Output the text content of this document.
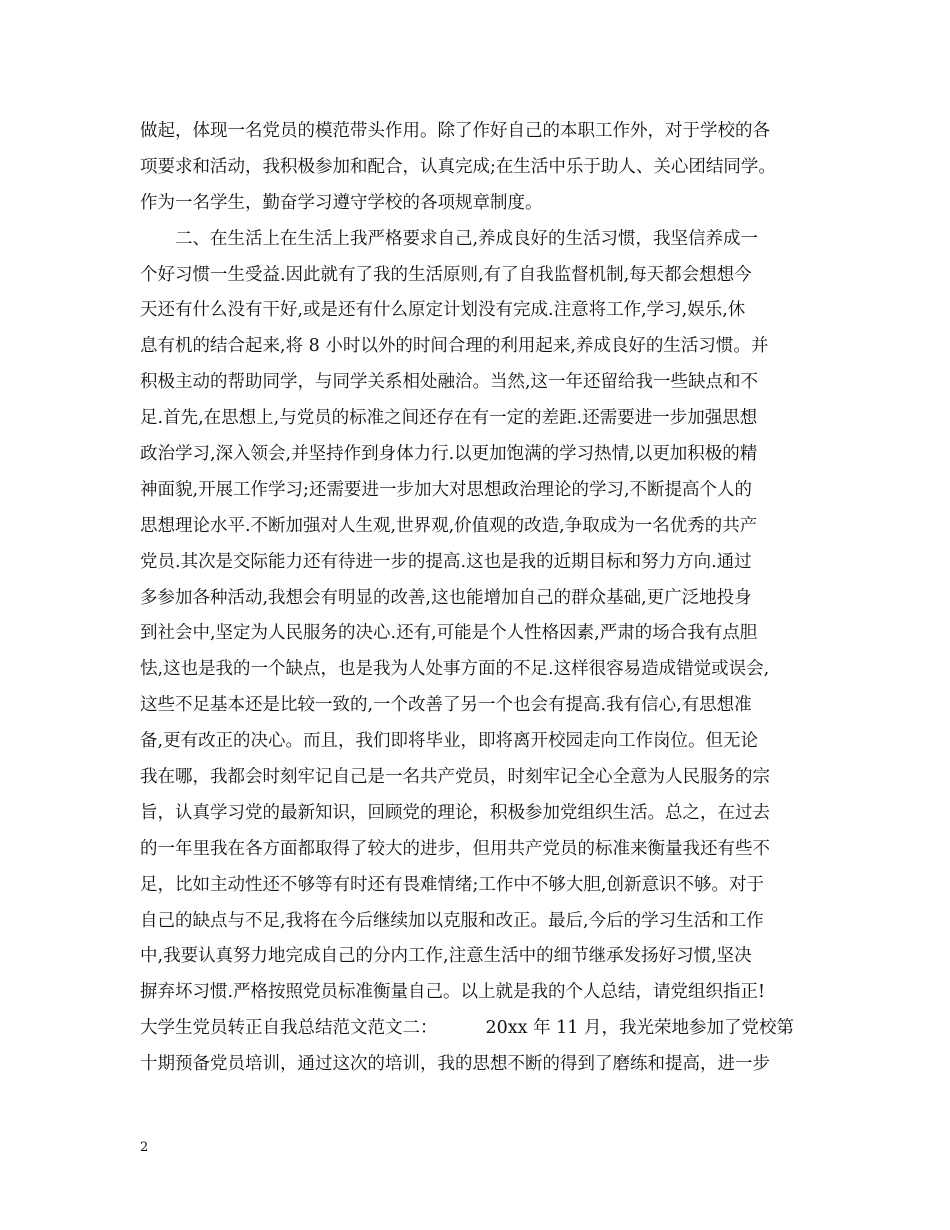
做起，体现一名党员的模范带头作用。除了作好自己的本职工作外，对于学校的各
项要求和活动，我积极参加和配合，认真完成;在生活中乐于助人、关心团结同学。
作为一名学生，勤奋学习遵守学校的各项规章制度。
　　二、在生活上在生活上我严格要求自己,养成良好的生活习惯，我坚信养成一
个好习惯一生受益.因此就有了我的生活原则,有了自我监督机制,每天都会想想今
天还有什么没有干好,或是还有什么原定计划没有完成.注意将工作,学习,娱乐,休
息有机的结合起来,将 8 小时以外的时间合理的利用起来,养成良好的生活习惯。并
积极主动的帮助同学，与同学关系相处融洽。当然,这一年还留给我一些缺点和不
足.首先,在思想上,与党员的标准之间还存在有一定的差距.还需要进一步加强思想
政治学习,深入领会,并坚持作到身体力行.以更加饱满的学习热情,以更加积极的精
神面貌,开展工作学习;还需要进一步加大对思想政治理论的学习,不断提高个人的
思想理论水平.不断加强对人生观,世界观,价值观的改造,争取成为一名优秀的共产
党员.其次是交际能力还有待进一步的提高.这也是我的近期目标和努力方向.通过
多参加各种活动,我想会有明显的改善,这也能增加自己的群众基础,更广泛地投身
到社会中,坚定为人民服务的决心.还有,可能是个人性格因素,严肃的场合我有点胆
怯,这也是我的一个缺点，也是我为人处事方面的不足.这样很容易造成错觉或误会,
这些不足基本还是比较一致的,一个改善了另一个也会有提高.我有信心,有思想准
备,更有改正的决心。而且，我们即将毕业，即将离开校园走向工作岗位。但无论
我在哪，我都会时刻牢记自己是一名共产党员，时刻牢记全心全意为人民服务的宗
旨，认真学习党的最新知识，回顾党的理论，积极参加党组织生活。总之，在过去
的一年里我在各方面都取得了较大的进步，但用共产党员的标准来衡量我还有些不
足，比如主动性还不够等有时还有畏难情绪;工作中不够大胆,创新意识不够。对于
自己的缺点与不足,我将在今后继续加以克服和改正。最后,今后的学习生活和工作
中,我要认真努力地完成自己的分内工作,注意生活中的细节继承发扬好习惯,坚决
摒弃坏习惯.严格按照党员标准衡量自己。以上就是我的个人总结，请党组织指正!
大学生党员转正自我总结范文范文二：	20xx 年 11 月，我光荣地参加了党校第
十期预备党员培训，通过这次的培训，我的思想不断的得到了磨练和提高，进一步
2
